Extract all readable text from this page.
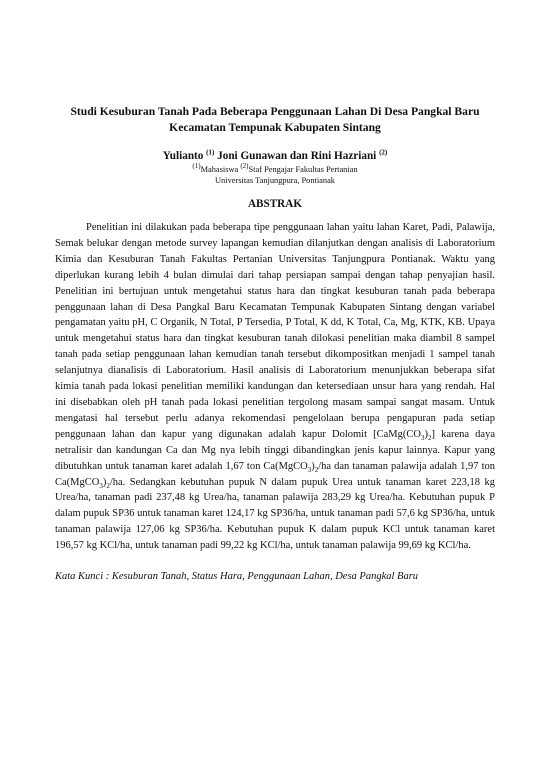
Studi Kesuburan Tanah Pada Beberapa Penggunaan Lahan Di Desa Pangkal Baru
Kecamatan Tempunak Kabupaten Sintang
Yulianto $^{(1)}$ Joni Gunawan dan Rini Hazriani $^{(2)}$
$^{(1)}$Mahasiswa $^{(2)}$Staf Pengajar Fakultas Pertanian
Universitas Tanjungpura, Pontianak
ABSTRAK

Penelitian ini dilakukan pada beberapa tipe penggunaan lahan yaitu lahan Karet, Padi, Palawija, Semak belukar dengan metode survey lapangan kemudian dilanjutkan dengan analisis di Laboratorium Kimia dan Kesuburan Tanah Fakultas Pertanian Universitas Tanjungpura Pontianak. Waktu yang diperlukan kurang lebih 4 bulan dimulai dari tahap persiapan sampai dengan tahap penyajian hasil. Penelitian ini bertujuan untuk mengetahui status hara dan tingkat kesuburan tanah pada beberapa penggunaan lahan di Desa Pangkal Baru Kecamatan Tempunak Kabupaten Sintang dengan variabel pengamatan yaitu pH, C Organik, N Total, P Tersedia, P Total, K dd, K Total, Ca, Mg, KTK, KB. Upaya untuk mengetahui status hara dan tingkat kesuburan tanah dilokasi penelitian maka diambil 8 sampel tanah pada setiap penggunaan lahan kemudian tanah tersebut dikompositkan menjadi 1 sampel tanah selanjutnya dianalisis di Laboratorium. Hasil analisis di Laboratorium menunjukkan beberapa sifat kimia tanah pada lokasi penelitian memiliki kandungan dan ketersediaan unsur hara yang rendah. Hal ini disebabkan oleh pH tanah pada lokasi penelitian tergolong masam sampai sangat masam. Untuk mengatasi hal tersebut perlu adanya rekomendasi pengelolaan berupa pengapuran pada setiap penggunaan lahan dan kapur yang digunakan adalah kapur Dolomit $[CaMg(CO_3)_2]$ karena daya netralisir dan kandungan Ca dan Mg nya lebih tinggi dibandingkan jenis kapur lainnya. Kapur yang dibutuhkan untuk tanaman karet adalah 1,67 ton $Ca(MgCO_3)_2/ha$ dan tanaman palawija adalah 1,97 ton $Ca(MgCO_3)_2/ha$. Sedangkan kebutuhan pupuk N dalam pupuk Urea untuk tanaman karet 223,18 kg Urea/ha, tanaman padi 237,48 kg Urea/ha, tanaman palawija 283,29 kg Urea/ha. Kebutuhan pupuk P dalam pupuk SP36 untuk tanaman karet 124,17 kg SP36/ha, untuk tanaman padi 57,6 kg SP36/ha, untuk tanaman palawija 127,06 kg SP36/ha. Kebutuhan pupuk K dalam pupuk KCl untuk tanaman karet 196,57 kg KCl/ha, untuk tanaman padi 99,22 kg KCl/ha, untuk tanaman palawija 99,69 kg KCl/ha.

Kata Kunci : Kesuburan Tanah, Status Hara, Penggunaan Lahan, Desa Pangkal Baru
